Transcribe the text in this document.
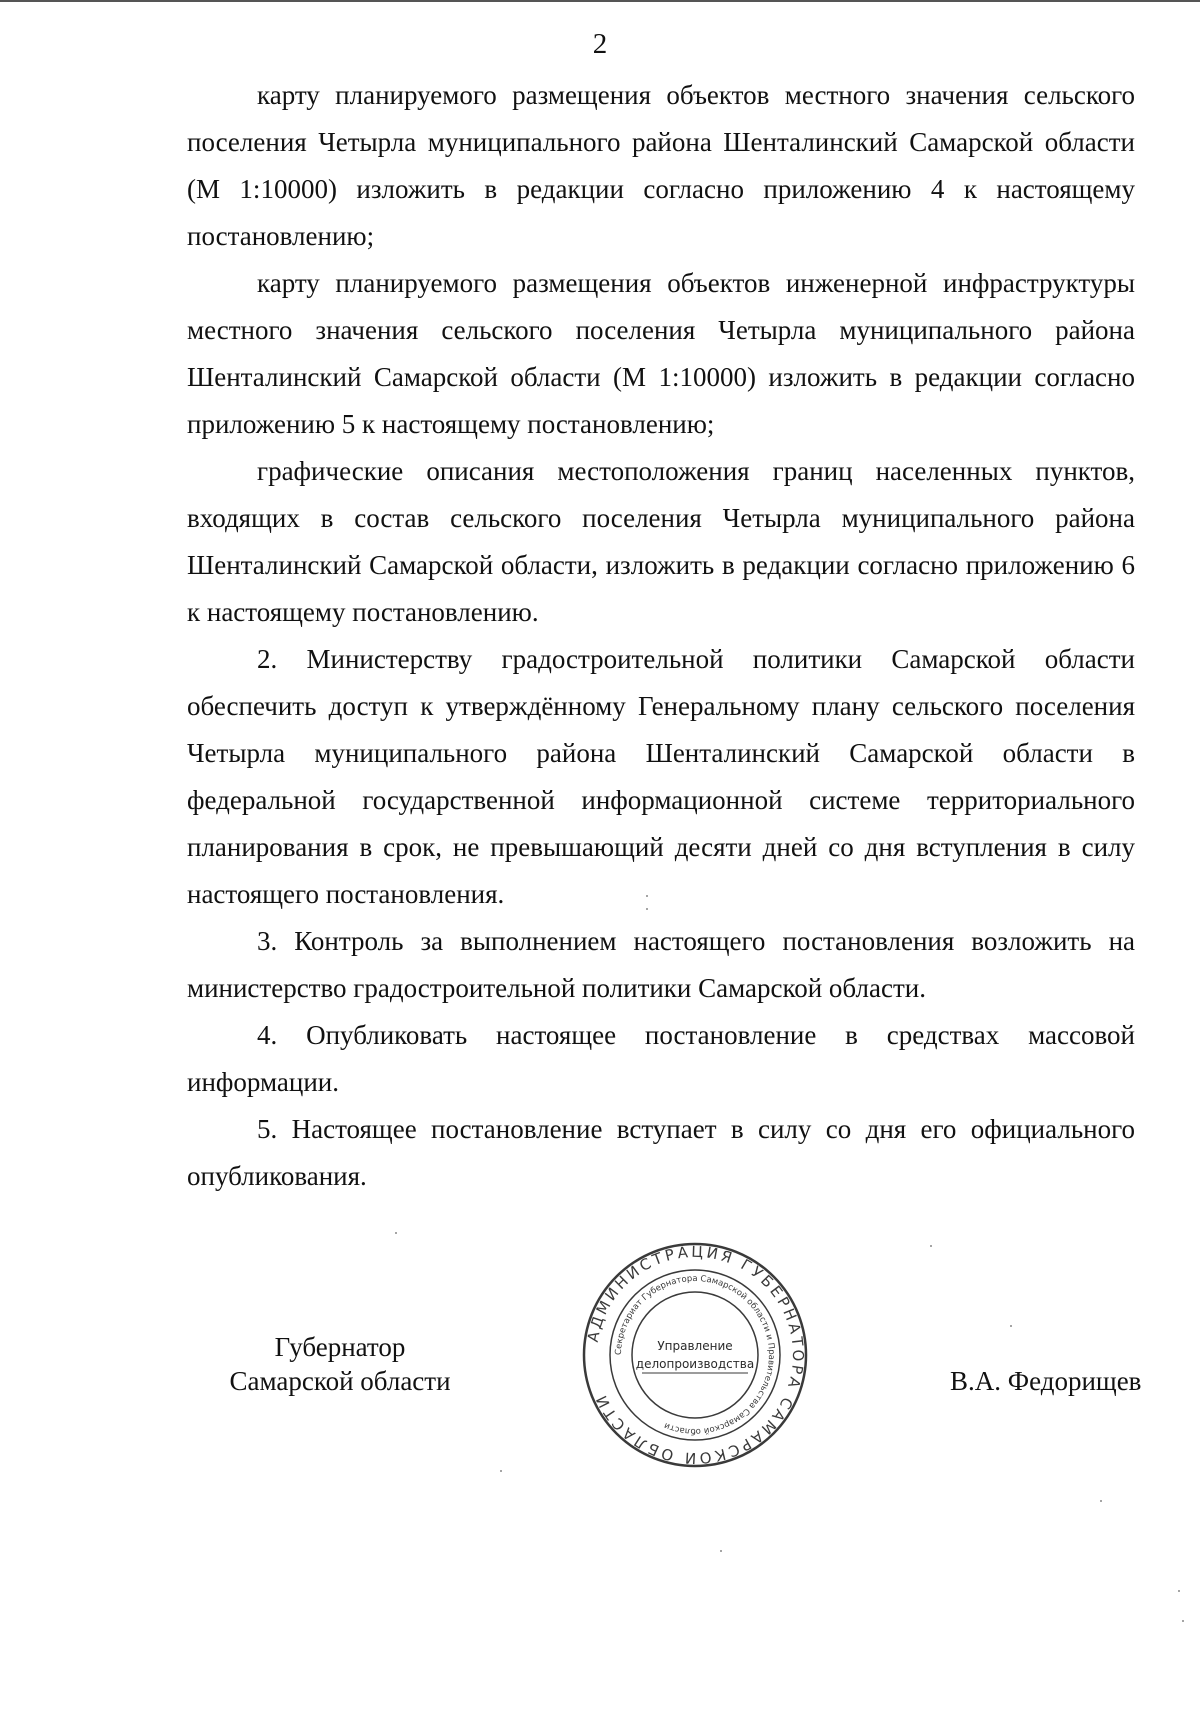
2

карту планируемого размещения объектов местного значения сельского поселения Четырла муниципального района Шенталинский Самарской области (М 1:10000) изложить в редакции согласно приложению 4 к настоящему постановлению;

карту планируемого размещения объектов инженерной инфраструктуры местного значения сельского поселения Четырла муниципального района Шенталинский Самарской области (М 1:10000) изложить в редакции согласно приложению 5 к настоящему постановлению;

графические описания местоположения границ населенных пунктов, входящих в состав сельского поселения Четырла муниципального района Шенталинский Самарской области, изложить в редакции согласно приложению 6 к настоящему постановлению.

2. Министерству градостроительной политики Самарской области обеспечить доступ к утверждённому Генеральному плану сельского поселения Четырла муниципального района Шенталинский Самарской области в федеральной государственной информационной системе территориального планирования в срок, не превышающий десяти дней со дня вступления в силу настоящего постановления.

3. Контроль за выполнением настоящего постановления возложить на министерство градостроительной политики Самарской области.

4. Опубликовать настоящее постановление в средствах массовой информации.

5. Настоящее постановление вступает в силу со дня его официального опубликования.

Губернатор
Самарской области	В.А. Федорищев
АДМИНИСТРАЦИЯ ГУБЕРНАТОРА САМАРСКОЙ ОБЛАСТИ
Секретариат Губернатора Самарской области и Правительства Самарской области
Управление
делопроизводства
